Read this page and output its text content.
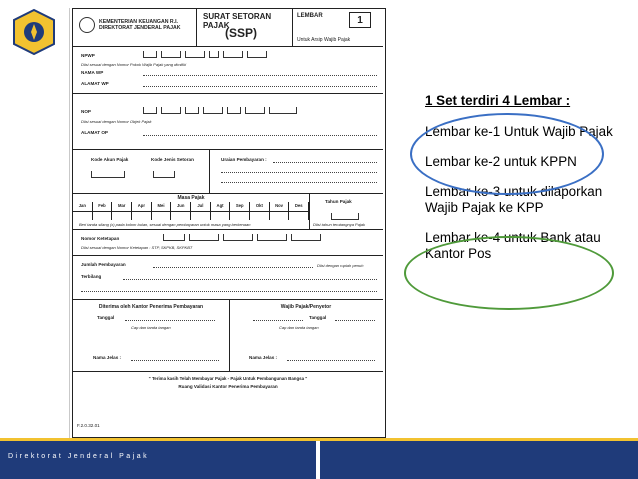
KEMENTERIAN KEUANGAN R.I.
DIREKTORAT JENDERAL PAJAK
SURAT SETORAN PAJAK
(SSP)
LEMBAR	1
Untuk Arsip Wajib Pajak
NPWP
Diisi sesuai dengan Nomor Pokok Wajib Pajak yang dimiliki
NAMA WP
ALAMAT WP
NOP
Diisi sesuai dengan Nomor Objek Pajak
ALAMAT OP
Kode Akun Pajak	Kode Jenis Setoran	Uraian Pembayaran :
Masa Pajak
Jan	Feb	Mar	Apr	Mei	Jun	Jul	Agt	Sep	Okt	Nov	Des
Tahun Pajak
Beri tanda silang (x) pada kolom bulan, sesuai dengan pembayaran untuk masa yang berkenaan	Diisi tahun terutangnya Pajak
Nomor Ketetapan
Diisi sesuai dengan Nomor Ketetapan : STP, SKPKB, SKPKBT
Jumlah Pembayaran	Diisi dengan rupiah penuh
Terbilang
Diterima oleh Kantor Penerima Pembayaran	Wajib Pajak/Penyetor
Tanggal
Cap dan tanda tangan
Tanggal
Cap dan tanda tangan
Nama Jelas :	Nama Jelas :
" Terima kasih Telah Membayar Pajak - Pajak Untuk Pembangunan Bangsa "
Ruang Validasi Kantor Penerima Pembayaran
F.2.0.32.01
1 Set terdiri 4 Lembar :

Lembar ke-1 Untuk Wajib Pajak

Lembar ke-2 untuk KPPN

Lembar ke-3 untuk dilaporkan Wajib Pajak ke KPP

Lembar ke-4 untuk Bank atau Kantor Pos

Direktorat Jenderal Pajak
